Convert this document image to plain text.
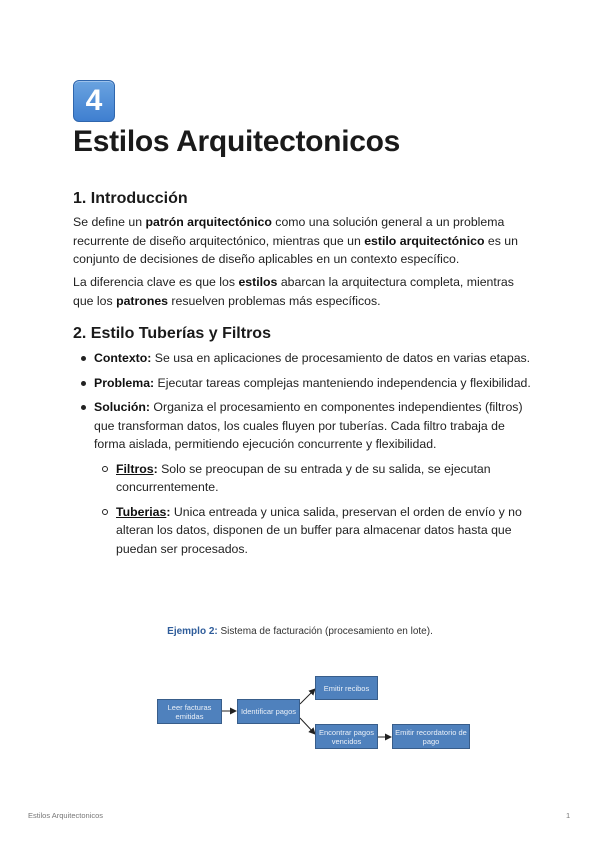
4
Estilos Arquitectonicos
1. Introducción

Se define un patrón arquitectónico como una solución general a un problema recurrente de diseño arquitectónico, mientras que un estilo arquitectónico es un conjunto de decisiones de diseño aplicables en un contexto específico.

La diferencia clave es que los estilos abarcan la arquitectura completa, mientras que los patrones resuelven problemas más específicos.

2. Estilo Tuberías y Filtros
Contexto: Se usa en aplicaciones de procesamiento de datos en varias etapas.
Problema: Ejecutar tareas complejas manteniendo independencia y flexibilidad.
Solución: Organiza el procesamiento en componentes independientes (filtros) que transforman datos, los cuales fluyen por tuberías. Cada filtro trabaja de forma aislada, permitiendo ejecución concurrente y flexibilidad.
Filtros: Solo se preocupan de su entrada y de su salida, se ejecutan concurrentemente.
Tuberias: Unica entreada y unica salida, preservan el orden de envío y no alteran los datos, disponen de un buffer para almacenar datos hasta que puedan ser procesados.
Ejemplo 2: Sistema de facturación (procesamiento en lote).
Leer facturas emitidas	Identificar pagos
Emitir recibos
Encontrar pagos vencidos
Emitir recordatorio de pago
Estilos Arquitectonicos	1
